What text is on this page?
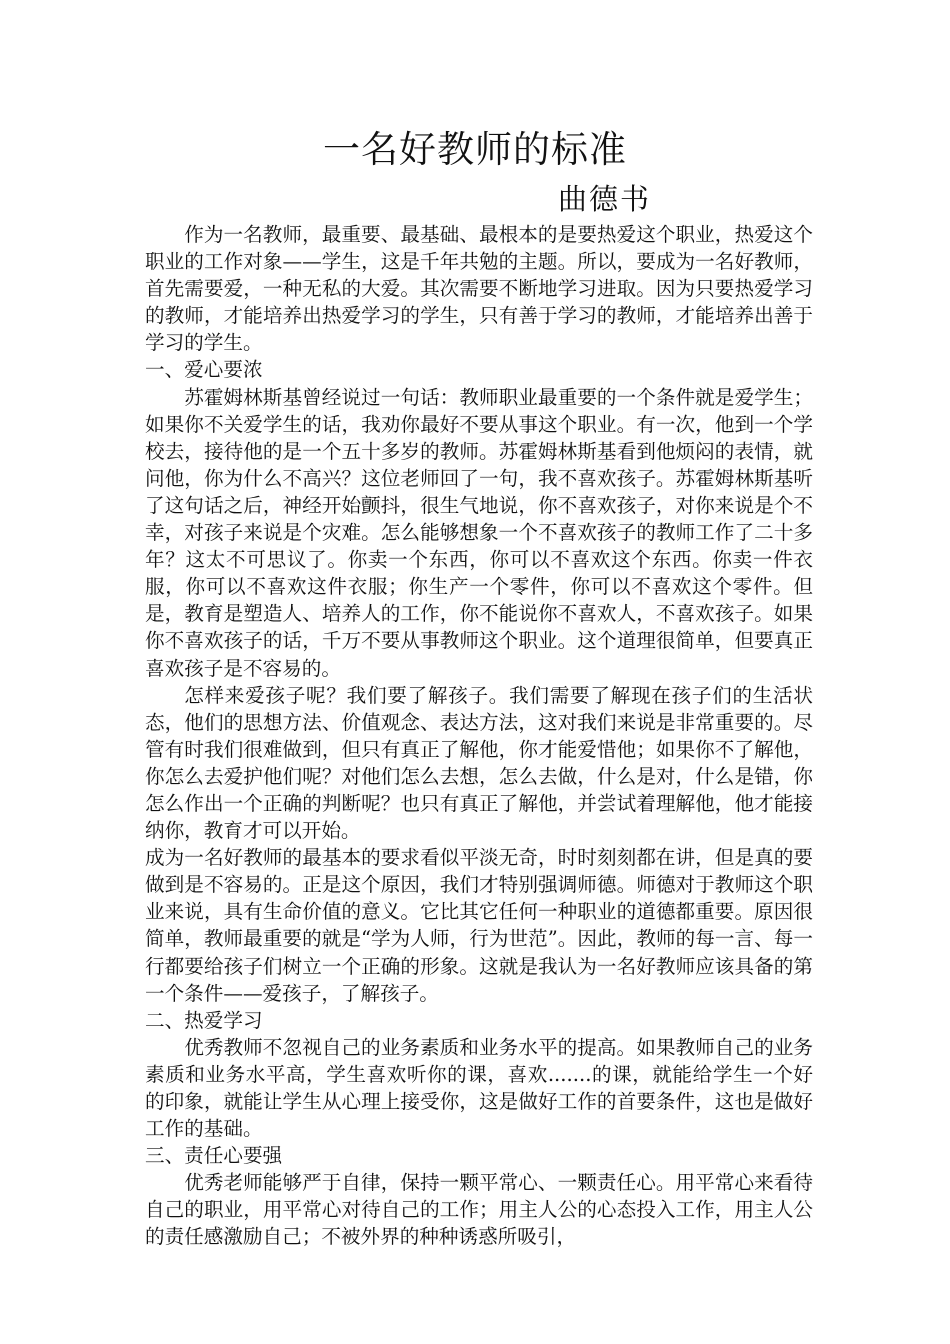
一名好教师的标准
曲德书

作为一名教师，最重要、最基础、最根本的是要热爱这个职业，热爱这个职业的工作对象——学生，这是千年共勉的主题。所以，要成为一名好教师，首先需要爱，一种无私的大爱。其次需要不断地学习进取。因为只要热爱学习的教师，才能培养出热爱学习的学生，只有善于学习的教师，才能培养出善于学习的学生。

一、爱心要浓

苏霍姆林斯基曾经说过一句话：教师职业最重要的一个条件就是爱学生；如果你不关爱学生的话，我劝你最好不要从事这个职业。有一次，他到一个学校去，接待他的是一个五十多岁的教师。苏霍姆林斯基看到他烦闷的表情，就问他，你为什么不高兴？这位老师回了一句，我不喜欢孩子。苏霍姆林斯基听了这句话之后，神经开始颤抖，很生气地说，你不喜欢孩子，对你来说是个不幸，对孩子来说是个灾难。怎么能够想象一个不喜欢孩子的教师工作了二十多年？这太不可思议了。你卖一个东西，你可以不喜欢这个东西。你卖一件衣服，你可以不喜欢这件衣服；你生产一个零件，你可以不喜欢这个零件。但是，教育是塑造人、培养人的工作，你不能说你不喜欢人，不喜欢孩子。如果你不喜欢孩子的话，千万不要从事教师这个职业。这个道理很简单，但要真正喜欢孩子是不容易的。

怎样来爱孩子呢？我们要了解孩子。我们需要了解现在孩子们的生活状态，他们的思想方法、价值观念、表达方法，这对我们来说是非常重要的。尽管有时我们很难做到，但只有真正了解他，你才能爱惜他；如果你不了解他，你怎么去爱护他们呢？对他们怎么去想，怎么去做，什么是对，什么是错，你怎么作出一个正确的判断呢？也只有真正了解他，并尝试着理解他，他才能接纳你，教育才可以开始。

成为一名好教师的最基本的要求看似平淡无奇，时时刻刻都在讲，但是真的要做到是不容易的。正是这个原因，我们才特别强调师德。师德对于教师这个职业来说，具有生命价值的意义。它比其它任何一种职业的道德都重要。原因很简单，教师最重要的就是“学为人师，行为世范”。因此，教师的每一言、每一行都要给孩子们树立一个正确的形象。这就是我认为一名好教师应该具备的第一个条件——爱孩子，了解孩子。

二、热爱学习

优秀教师不忽视自己的业务素质和业务水平的提高。如果教师自己的业务素质和业务水平高，学生喜欢听你的课，喜欢.......的课，就能给学生一个好的印象，就能让学生从心理上接受你，这是做好工作的首要条件，这也是做好工作的基础。

三、责任心要强

优秀老师能够严于自律，保持一颗平常心、一颗责任心。用平常心来看待自己的职业，用平常心对待自己的工作；用主人公的心态投入工作，用主人公的责任感激励自己；不被外界的种种诱惑所吸引，
